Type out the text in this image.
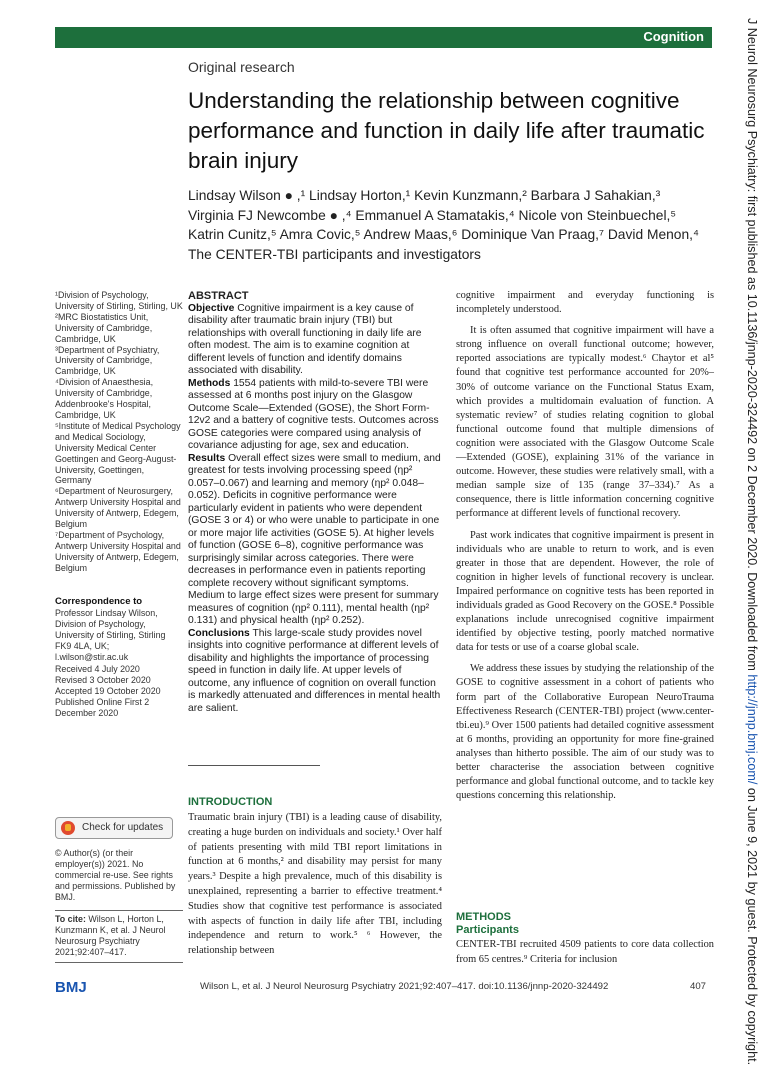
Cognition	J Neurol Neurosurg Psychiatry: first published as 10.1136/jnnp-2020-324492 on 2 December 2020. Downloaded from http://jnnp.bmj.com/ on June 9, 2021 by guest. Protected by copyright.
Original research
Understanding the relationship between cognitive performance and function in daily life after traumatic brain injury
Lindsay Wilson ● ,¹ Lindsay Horton,¹ Kevin Kunzmann,² Barbara J Sahakian,³
Virginia FJ Newcombe ● ,⁴ Emmanuel A Stamatakis,⁴ Nicole von Steinbuechel,⁵
Katrin Cunitz,⁵ Amra Covic,⁵ Andrew Maas,⁶ Dominique Van Praag,⁷ David Menon,⁴
The CENTER-TBI participants and investigators

¹Division of Psychology, University of Stirling, Stirling, UK

²MRC Biostatistics Unit, University of Cambridge, Cambridge, UK

³Department of Psychiatry, University of Cambridge, Cambridge, UK

⁴Division of Anaesthesia, University of Cambridge, Addenbrooke's Hospital, Cambridge, UK

⁵Institute of Medical Psychology and Medical Sociology, University Medical Center Goettingen and Georg-August-University, Goettingen, Germany

⁶Department of Neurosurgery, Antwerp University Hospital and University of Antwerp, Edegem, Belgium

⁷Department of Psychology, Antwerp University Hospital and University of Antwerp, Edegem, Belgium

Correspondence to
Professor Lindsay Wilson, Division of Psychology, University of Stirling, Stirling FK9 4LA, UK; l.wilson@stir.ac.uk
Received 4 July 2020
Revised 3 October 2020
Accepted 19 October 2020
Published Online First 2 December 2020
Check for updates
© Author(s) (or their employer(s)) 2021. No commercial re-use. See rights and permissions. Published by BMJ.
To cite: Wilson L, Horton L, Kunzmann K, et al. J Neurol Neurosurg Psychiatry 2021;92:407–417.
ABSTRACT

Objective Cognitive impairment is a key cause of disability after traumatic brain injury (TBI) but relationships with overall functioning in daily life are often modest. The aim is to examine cognition at different levels of function and identify domains associated with disability.

Methods 1554 patients with mild-to-severe TBI were assessed at 6 months post injury on the Glasgow Outcome Scale—Extended (GOSE), the Short Form-12v2 and a battery of cognitive tests. Outcomes across GOSE categories were compared using analysis of covariance adjusting for age, sex and education.

Results Overall effect sizes were small to medium, and greatest for tests involving processing speed (ηp² 0.057–0.067) and learning and memory (ηp² 0.048–0.052). Deficits in cognitive performance were particularly evident in patients who were dependent (GOSE 3 or 4) or who were unable to participate in one or more major life activities (GOSE 5). At higher levels of function (GOSE 6–8), cognitive performance was surprisingly similar across categories. There were decreases in performance even in patients reporting complete recovery without significant symptoms. Medium to large effect sizes were present for summary measures of cognition (ηp² 0.111), mental health (ηp² 0.131) and physical health (ηp² 0.252).

Conclusions This large-scale study provides novel insights into cognitive performance at different levels of disability and highlights the importance of processing speed in function in daily life. At upper levels of outcome, any influence of cognition on overall function is markedly attenuated and differences in mental health are salient.

INTRODUCTION
Traumatic brain injury (TBI) is a leading cause of disability, creating a huge burden on individuals and society.¹ Over half of patients presenting with mild TBI report limitations in function at 6 months,² and disability may persist for many years.³ Despite a high prevalence, much of this disability is unexplained, representing a barrier to effective treatment.⁴ Studies show that cognitive test performance is associated with aspects of function in daily life after TBI, including independence and return to work.⁵ ⁶ However, the relationship between

cognitive impairment and everyday functioning is incompletely understood.

It is often assumed that cognitive impairment will have a strong influence on overall functional outcome; however, reported associations are typically modest.⁶ Chaytor et al⁵ found that cognitive test performance accounted for 20%–30% of outcome variance on the Functional Status Exam, which provides a multidomain evaluation of function. A systematic review⁷ of studies relating cognition to global functional outcome found that multiple dimensions of cognition were associated with the Glasgow Outcome Scale—Extended (GOSE), explaining 31% of the variance in outcome. However, these studies were relatively small, with a median sample size of 135 (range 37–334).⁷ As a consequence, there is little information concerning cognitive performance at different levels of functional recovery.

Past work indicates that cognitive impairment is present in individuals who are unable to return to work, and is even greater in those that are dependent. However, the role of cognition in higher levels of functional recovery is unclear. Impaired performance on cognitive tests has been reported in individuals graded as Good Recovery on the GOSE.⁸ Possible explanations include unrecognised cognitive impairment identified by objective testing, poorly matched normative data for tests or use of a coarse global scale.

We address these issues by studying the relationship of the GOSE to cognitive assessment in a cohort of patients who form part of the Collaborative European NeuroTrauma Effectiveness Research (CENTER-TBI) project (www.center-tbi.eu).⁹ Over 1500 patients had detailed cognitive assessment at 6 months, providing an opportunity for more fine-grained analyses than hitherto possible. The aim of our study was to better characterise the association between cognitive performance and global functional outcome, and to tackle key questions concerning this relationship.

METHODS
Participants
CENTER-TBI recruited 4509 patients to core data collection from 65 centres.⁹ Criteria for inclusion
BMJ	Wilson L, et al. J Neurol Neurosurg Psychiatry 2021;92:407–417. doi:10.1136/jnnp-2020-324492	407
